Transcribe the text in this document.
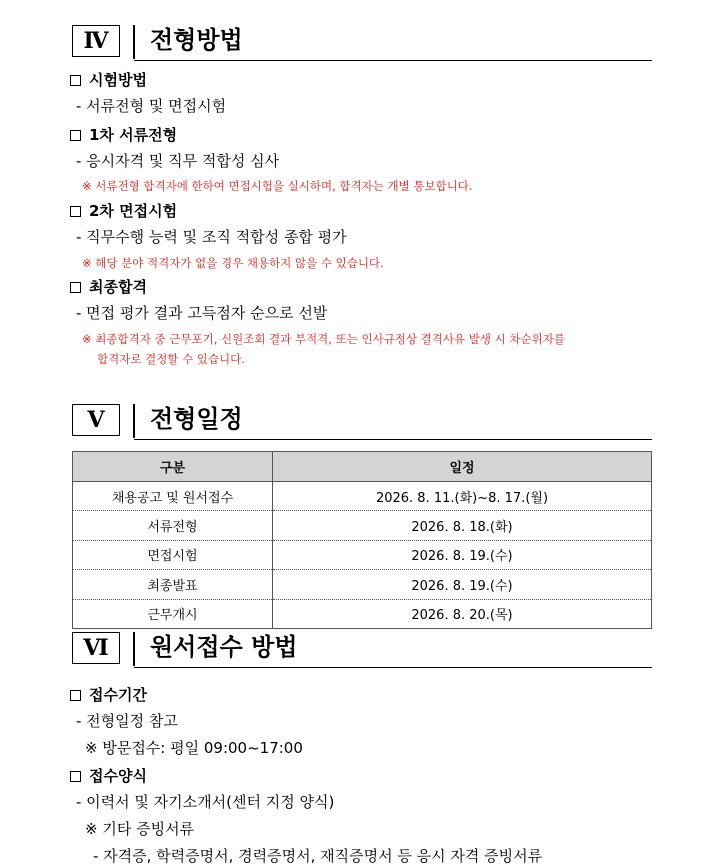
Ⅳ	전형방법
시험방법
- 서류전형 및 면접시험
1차 서류전형
- 응시자격 및 직무 적합성 심사
※ 서류전형 합격자에 한하여 면접시험을 실시하며, 합격자는 개별 통보합니다.
2차 면접시험
- 직무수행 능력 및 조직 적합성 종합 평가
※ 해당 분야 적격자가 없을 경우 채용하지 않을 수 있습니다.
최종합격
- 면접 평가 결과 고득점자 순으로 선발
※ 최종합격자 중 근무포기, 신원조회 결과 부적격, 또는 인사규정상 결격사유 발생 시 차순위자를
합격자로 결정할 수 있습니다.
Ⅴ	전형일정
구분	일정
채용공고 및 원서접수	2026. 8. 11.(화)~8. 17.(월)
서류전형	2026. 8. 18.(화)
면접시험	2026. 8. 19.(수)
최종발표	2026. 8. 19.(수)
근무개시	2026. 8. 20.(목)
Ⅵ	원서접수 방법
접수기간
- 전형일정 참고
※ 방문접수: 평일 09:00~17:00
접수양식
- 이력서 및 자기소개서(센터 지정 양식)
※ 기타 증빙서류
- 자격증, 학력증명서, 경력증명서, 재직증명서 등 응시 자격 증빙서류
